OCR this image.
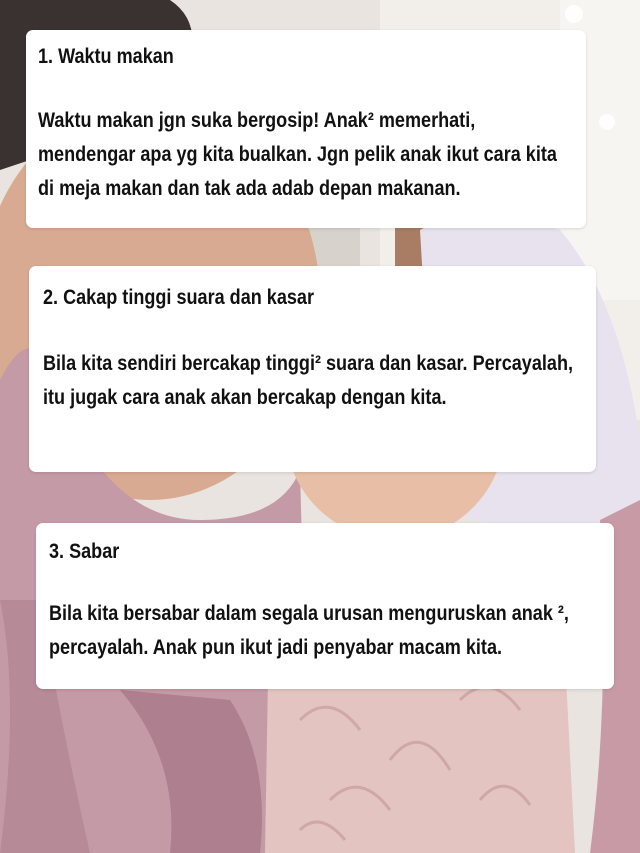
1. Waktu makan

Waktu makan jgn suka bergosip! Anak² memerhati, mendengar apa yg kita bualkan. Jgn pelik anak ikut cara kita di meja makan dan tak ada adab depan makanan.

2. Cakap tinggi suara dan kasar

Bila kita sendiri bercakap tinggi² suara dan kasar. Percayalah, itu jugak cara anak akan bercakap dengan kita.

3. Sabar

Bila kita bersabar dalam segala urusan menguruskan anak ², percayalah. Anak pun ikut jadi penyabar macam kita.
